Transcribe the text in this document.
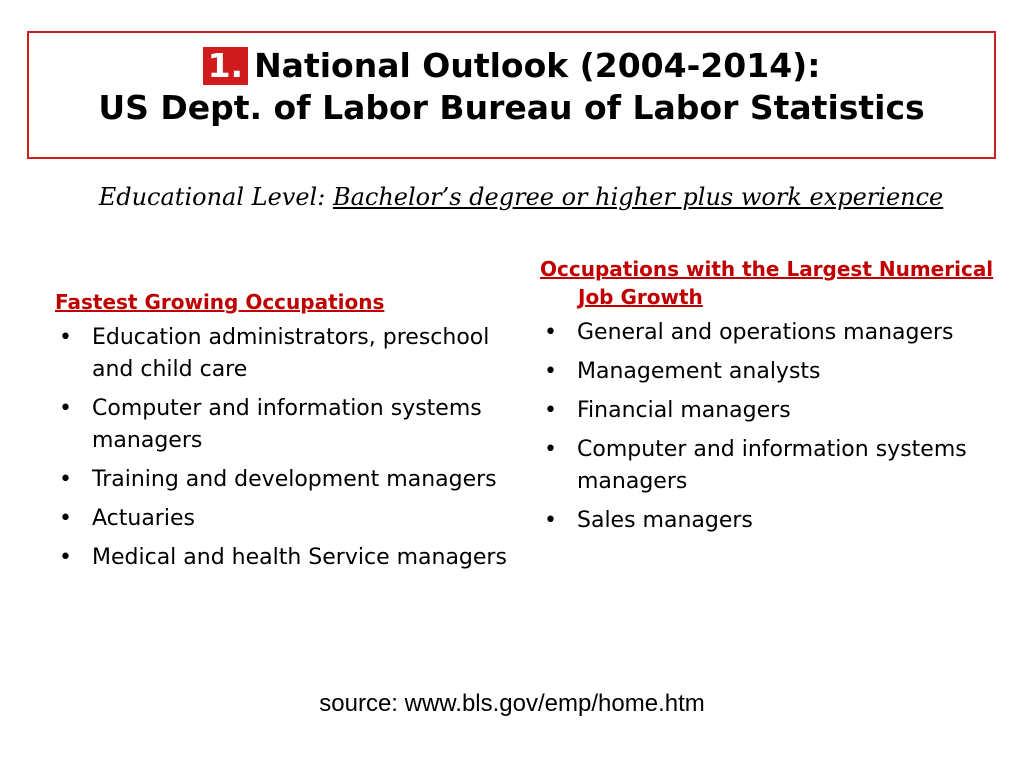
1. National Outlook (2004-2014):
US Dept. of Labor Bureau of Labor Statistics
Educational Level: Bachelor’s degree or higher plus work experience
Fastest Growing Occupations
• Education administrators, preschool and child care
• Computer and information systems managers
• Training and development managers
• Actuaries
• Medical and health Service managers
Occupations with the Largest Numerical Job Growth
• General and operations managers
• Management analysts
• Financial managers
• Computer and information systems managers
• Sales managers
source: www.bls.gov/emp/home.htm
